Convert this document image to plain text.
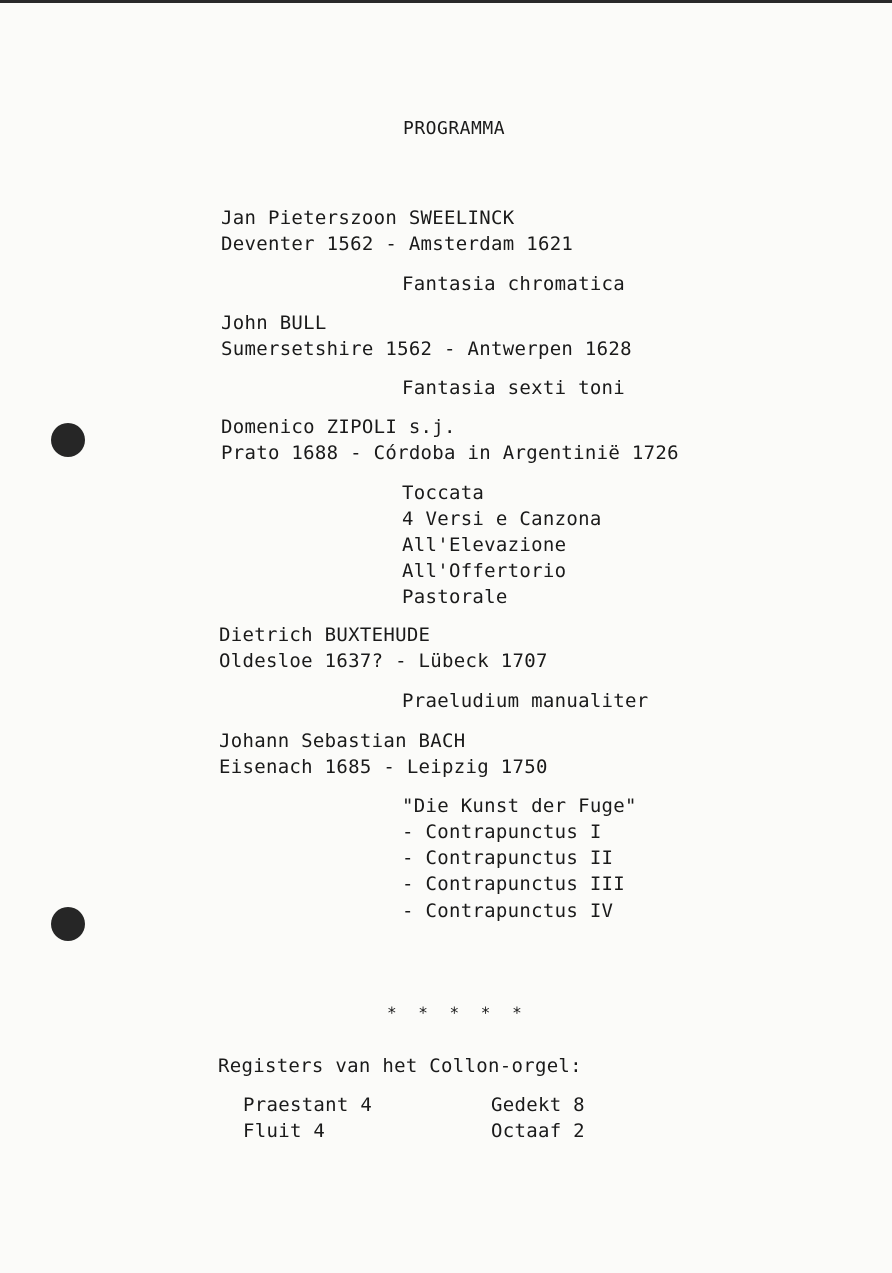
PROGRAMMA
Jan Pieterszoon SWEELINCK
Deventer 1562 - Amsterdam 1621
Fantasia chromatica
John BULL
Sumersetshire 1562 - Antwerpen 1628
Fantasia sexti toni
Domenico ZIPOLI s.j.
Prato 1688 - Córdoba in Argentinië 1726
Toccata
4 Versi e Canzona
All'Elevazione
All'Offertorio
Pastorale
Dietrich BUXTEHUDE
Oldesloe 1637? - Lübeck 1707
Praeludium manualiter
Johann Sebastian BACH
Eisenach 1685 - Leipzig 1750
"Die Kunst der Fuge"
- Contrapunctus I
- Contrapunctus II
- Contrapunctus III
- Contrapunctus IV
* * * * *
Registers van het Collon-orgel:
Praestant 4	Gedekt 8
Fluit 4	Octaaf 2
